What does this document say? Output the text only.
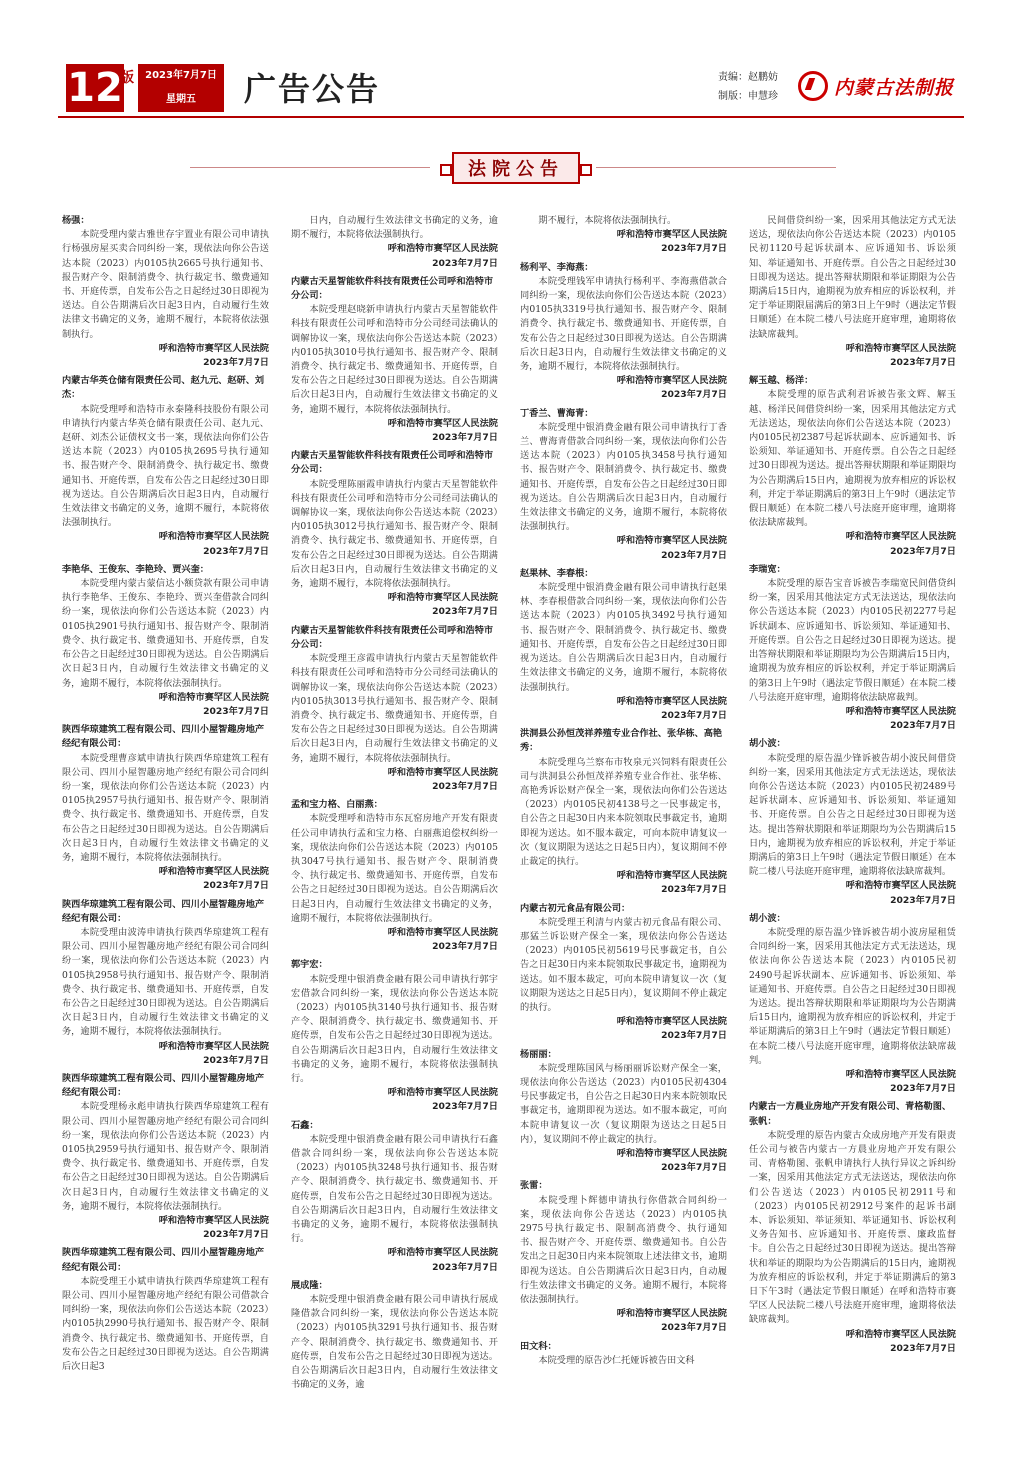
12
版	2023年7月7日
星期五	广告公告	责编：赵鹏妨
制版：申慧珍	内蒙古法制报
法院公告

杨强：

本院受理内蒙古雅世存宇置业有限公司申请执行杨强房屋买卖合同纠纷一案，现依法向你公告送达本院（2023）内0105执2665号执行通知书、报告财产令、限制消费令、执行裁定书、缴费通知书、开庭传票，自发布公告之日起经过30日即视为送达。自公告期满后次日起3日内，自动履行生效法律文书确定的义务，逾期不履行，本院将依法强制执行。

呼和浩特市赛罕区人民法院

2023年7月7日

内蒙古华英仓储有限责任公司、赵九元、赵研、刘杰：

本院受理呼和浩特市永泰隆科技股份有限公司申请执行内蒙古华英仓储有限责任公司、赵九元、赵研、刘杰公证债权文书一案，现依法向你们公告送达本院（2023）内0105执2695号执行通知书、报告财产令、限制消费令、执行裁定书、缴费通知书、开庭传票，自发布公告之日起经过30日即视为送达。自公告期满后次日起3日内，自动履行生效法律文书确定的义务，逾期不履行，本院将依法强制执行。

呼和浩特市赛罕区人民法院

2023年7月7日

李艳华、王俊东、李艳玲、贾兴奎：

本院受理内蒙古蒙信达小额贷款有限公司申请执行李艳华、王俊东、李艳玲、贾兴奎借款合同纠纷一案，现依法向你们公告送达本院（2023）内0105执2901号执行通知书、报告财产令、限制消费令、执行裁定书、缴费通知书、开庭传票，自发布公告之日起经过30日即视为送达。自公告期满后次日起3日内，自动履行生效法律文书确定的义务，逾期不履行，本院将依法强制执行。

呼和浩特市赛罕区人民法院

2023年7月7日

陕西华琼建筑工程有限公司、四川小屋智趣房地产经纪有限公司：

本院受理曹彦斌申请执行陕西华琼建筑工程有限公司、四川小屋智趣房地产经纪有限公司合同纠纷一案，现依法向你们公告送达本院（2023）内0105执2957号执行通知书、报告财产令、限制消费令、执行裁定书、缴费通知书、开庭传票，自发布公告之日起经过30日即视为送达。自公告期满后次日起3日内，自动履行生效法律文书确定的义务，逾期不履行，本院将依法强制执行。

呼和浩特市赛罕区人民法院

2023年7月7日

陕西华琼建筑工程有限公司、四川小屋智趣房地产经纪有限公司：

本院受理由波涛申请执行陕西华琼建筑工程有限公司、四川小屋智趣房地产经纪有限公司合同纠纷一案，现依法向你们公告送达本院（2023）内0105执2958号执行通知书、报告财产令、限制消费令、执行裁定书、缴费通知书、开庭传票，自发布公告之日起经过30日即视为送达。自公告期满后次日起3日内，自动履行生效法律文书确定的义务，逾期不履行，本院将依法强制执行。

呼和浩特市赛罕区人民法院

2023年7月7日

陕西华琼建筑工程有限公司、四川小屋智趣房地产经纪有限公司：

本院受理杨永彪申请执行陕西华琼建筑工程有限公司、四川小屋智趣房地产经纪有限公司合同纠纷一案，现依法向你们公告送达本院（2023）内0105执2959号执行通知书、报告财产令、限制消费令、执行裁定书、缴费通知书、开庭传票，自发布公告之日起经过30日即视为送达。自公告期满后次日起3日内，自动履行生效法律文书确定的义务，逾期不履行，本院将依法强制执行。

呼和浩特市赛罕区人民法院

2023年7月7日

陕西华琼建筑工程有限公司、四川小屋智趣房地产经纪有限公司：

本院受理王小斌申请执行陕西华琼建筑工程有限公司、四川小屋智趣房地产经纪有限公司借款合同纠纷一案，现依法向你们公告送达本院（2023）内0105执2990号执行通知书、报告财产令、限制消费令、执行裁定书、缴费通知书、开庭传票，自发布公告之日起经过30日即视为送达。自公告期满后次日起3

日内，自动履行生效法律文书确定的义务，逾期不履行，本院将依法强制执行。

呼和浩特市赛罕区人民法院

2023年7月7日

内蒙古天星智能软件科技有限责任公司呼和浩特市分公司：

本院受理赵晓新申请执行内蒙古天星智能软件科技有限责任公司呼和浩特市分公司经司法确认的调解协议一案，现依法向你公告送达本院（2023）内0105执3010号执行通知书、报告财产令、限制消费令、执行裁定书、缴费通知书、开庭传票，自发布公告之日起经过30日即视为送达。自公告期满后次日起3日内，自动履行生效法律文书确定的义务，逾期不履行，本院将依法强制执行。

呼和浩特市赛罕区人民法院

2023年7月7日

内蒙古天星智能软件科技有限责任公司呼和浩特市分公司：

本院受理陈丽霞申请执行内蒙古天星智能软件科技有限责任公司呼和浩特市分公司经司法确认的调解协议一案，现依法向你公告送达本院（2023）内0105执3012号执行通知书、报告财产令、限制消费令、执行裁定书、缴费通知书、开庭传票，自发布公告之日起经过30日即视为送达。自公告期满后次日起3日内，自动履行生效法律文书确定的义务，逾期不履行，本院将依法强制执行。

呼和浩特市赛罕区人民法院

2023年7月7日

内蒙古天星智能软件科技有限责任公司呼和浩特市分公司：

本院受理王彦霞申请执行内蒙古天星智能软件科技有限责任公司呼和浩特市分公司经司法确认的调解协议一案，现依法向你公告送达本院（2023）内0105执3013号执行通知书、报告财产令、限制消费令、执行裁定书、缴费通知书、开庭传票，自发布公告之日起经过30日即视为送达。自公告期满后次日起3日内，自动履行生效法律文书确定的义务，逾期不履行，本院将依法强制执行。

呼和浩特市赛罕区人民法院

2023年7月7日

孟和宝力格、白丽燕：

本院受理呼和浩特市东瓦窑房地产开发有限责任公司申请执行孟和宝力格、白丽燕追偿权纠纷一案，现依法向你们公告送达本院（2023）内0105执3047号执行通知书、报告财产令、限制消费令、执行裁定书、缴费通知书、开庭传票，自发布公告之日起经过30日即视为送达。自公告期满后次日起3日内，自动履行生效法律文书确定的义务，逾期不履行，本院将依法强制执行。

呼和浩特市赛罕区人民法院

2023年7月7日

郭宇宏：

本院受理中银消费金融有限公司申请执行郭宇宏借款合同纠纷一案，现依法向你公告送达本院（2023）内0105执3140号执行通知书、报告财产令、限制消费令、执行裁定书、缴费通知书、开庭传票，自发布公告之日起经过30日即视为送达。自公告期满后次日起3日内，自动履行生效法律文书确定的义务，逾期不履行，本院将依法强制执行。

呼和浩特市赛罕区人民法院

2023年7月7日

石鑫：

本院受理中银消费金融有限公司申请执行石鑫借款合同纠纷一案，现依法向你公告送达本院（2023）内0105执3248号执行通知书、报告财产令、限制消费令、执行裁定书、缴费通知书、开庭传票，自发布公告之日起经过30日即视为送达。自公告期满后次日起3日内，自动履行生效法律文书确定的义务，逾期不履行，本院将依法强制执行。

呼和浩特市赛罕区人民法院

2023年7月7日

展成隆：

本院受理中银消费金融有限公司申请执行展成隆借款合同纠纷一案，现依法向你公告送达本院（2023）内0105执3291号执行通知书、报告财产令、限制消费令、执行裁定书、缴费通知书、开庭传票，自发布公告之日起经过30日即视为送达。自公告期满后次日起3日内，自动履行生效法律文书确定的义务，逾

期不履行，本院将依法强制执行。

呼和浩特市赛罕区人民法院

2023年7月7日

杨利平、李海燕：

本院受理钱军申请执行杨利平、李海燕借款合同纠纷一案，现依法向你们公告送达本院（2023）内0105执3319号执行通知书、报告财产令、限制消费令、执行裁定书、缴费通知书、开庭传票，自发布公告之日起经过30日即视为送达。自公告期满后次日起3日内，自动履行生效法律文书确定的义务，逾期不履行，本院将依法强制执行。

呼和浩特市赛罕区人民法院

2023年7月7日

丁香兰、曹海青：

本院受理中银消费金融有限公司申请执行丁香兰、曹海青借款合同纠纷一案，现依法向你们公告送达本院（2023）内0105执3458号执行通知书、报告财产令、限制消费令、执行裁定书、缴费通知书、开庭传票，自发布公告之日起经过30日即视为送达。自公告期满后次日起3日内，自动履行生效法律文书确定的义务，逾期不履行，本院将依法强制执行。

呼和浩特市赛罕区人民法院

2023年7月7日

赵果林、李春根：

本院受理中银消费金融有限公司申请执行赵果林、李春根借款合同纠纷一案，现依法向你们公告送达本院（2023）内0105执3492号执行通知书、报告财产令、限制消费令、执行裁定书、缴费通知书、开庭传票，自发布公告之日起经过30日即视为送达。自公告期满后次日起3日内，自动履行生效法律文书确定的义务，逾期不履行，本院将依法强制执行。

呼和浩特市赛罕区人民法院

2023年7月7日

洪洞县公孙恒茂祥养殖专业合作社、张华栋、高艳秀：

本院受理乌兰察布市牧泉元兴饲料有限责任公司与洪洞县公孙恒茂祥养殖专业合作社、张华栋、高艳秀诉讼财产保全一案，现依法向你们公告送达（2023）内0105民初4138号之一民事裁定书，自公告之日起30日内来本院领取民事裁定书，逾期即视为送达。如不服本裁定，可向本院申请复议一次（复议期限为送达之日起5日内），复议期间不停止裁定的执行。

呼和浩特市赛罕区人民法院

2023年7月7日

内蒙古初元食品有限公司：

本院受理王利清与内蒙古初元食品有限公司、那猛兰诉讼财产保全一案，现依法向你公告送达（2023）内0105民初5619号民事裁定书，自公告之日起30日内来本院领取民事裁定书，逾期视为送达。如不服本裁定，可向本院申请复议一次（复议期限为送达之日起5日内），复议期间不停止裁定的执行。

呼和浩特市赛罕区人民法院

2023年7月7日

杨丽丽：

本院受理陈国风与杨丽丽诉讼财产保全一案，现依法向你公告送达（2023）内0105民初4304号民事裁定书，自公告之日起30日内来本院领取民事裁定书，逾期即视为送达。如不服本裁定，可向本院申请复议一次（复议期限为送达之日起5日内），复议期间不停止裁定的执行。

呼和浩特市赛罕区人民法院

2023年7月7日

张雷：

本院受理卜辉德申请执行你借款合同纠纷一案，现依法向你公告送达（2023）内0105执2975号执行裁定书、限制高消费令、执行通知书、报告财产令、开庭传票、缴费通知书。自公告发出之日起30日内来本院领取上述法律文书，逾期即视为送达。自公告期满后次日起3日内，自动履行生效法律文书确定的义务。逾期不履行，本院将依法强制执行。

呼和浩特市赛罕区人民法院

2023年7月7日

田文科：

本院受理的原告沙仁托娅诉被告田文科

民间借贷纠纷一案，因采用其他法定方式无法送达，现依法向你公告送达本院（2023）内0105民初1120号起诉状副本、应诉通知书、诉讼须知、举证通知书、开庭传票。自公告之日起经过30日即视为送达。提出答辩状期限和举证期限为公告期满后15日内，逾期视为放弃相应的诉讼权利，并定于举证期限届满后的第3日上午9时（遇法定节假日顺延）在本院二楼八号法庭开庭审理，逾期将依法缺席裁判。

呼和浩特市赛罕区人民法院

2023年7月7日

解玉越、杨洋：

本院受理的原告武利君诉被告张文辉、解玉越、杨洋民间借贷纠纷一案，因采用其他法定方式无法送达，现依法向你们公告送达本院（2023）内0105民初2387号起诉状副本、应诉通知书、诉讼须知、举证通知书、开庭传票。自公告之日起经过30日即视为送达。提出答辩状期限和举证期限均为公告期满后15日内，逾期视为放弃相应的诉讼权利，并定于举证期满后的第3日上午9时（遇法定节假日顺延）在本院二楼八号法庭开庭审理，逾期将依法缺席裁判。

呼和浩特市赛罕区人民法院

2023年7月7日

李瑞宽：

本院受理的原告宝音诉被告李瑞宽民间借贷纠纷一案，因采用其他法定方式无法送达，现依法向你公告送达本院（2023）内0105民初2277号起诉状副本、应诉通知书、诉讼须知、举证通知书、开庭传票。自公告之日起经过30日即视为送达。提出答辩状期限和举证期限均为公告期满后15日内，逾期视为放弃相应的诉讼权利，并定于举证期满后的第3日上午9时（遇法定节假日顺延）在本院二楼八号法庭开庭审理，逾期将依法缺席裁判。

呼和浩特市赛罕区人民法院

2023年7月7日

胡小波：

本院受理的原告温少锋诉被告胡小波民间借贷纠纷一案，因采用其他法定方式无法送达，现依法向你公告送达本院（2023）内0105民初2489号起诉状副本、应诉通知书、诉讼须知、举证通知书、开庭传票。自公告之日起经过30日即视为送达。提出答辩状期限和举证期限均为公告期满后15日内，逾期视为放弃相应的诉讼权利，并定于举证期满后的第3日上午9时（遇法定节假日顺延）在本院二楼八号法庭开庭审理，逾期将依法缺席裁判。

呼和浩特市赛罕区人民法院

2023年7月7日

胡小波：

本院受理的原告温少锋诉被告胡小波房屋租赁合同纠纷一案，因采用其他法定方式无法送达，现依法向你公告送达本院（2023）内0105民初2490号起诉状副本、应诉通知书、诉讼须知、举证通知书、开庭传票。自公告之日起经过30日即视为送达。提出答辩状期限和举证期限均为公告期满后15日内，逾期视为放弃相应的诉讼权利，并定于举证期满后的第3日上午9时（遇法定节假日顺延）在本院二楼八号法庭开庭审理，逾期将依法缺席裁判。

呼和浩特市赛罕区人民法院

2023年7月7日

内蒙古一方晨业房地产开发有限公司、青格勒图、张帆：

本院受理的原告内蒙古众成房地产开发有限责任公司与被告内蒙古一方晨业房地产开发有限公司、青格勒图、张帆申请执行人执行异议之诉纠纷一案，因采用其他法定方式无法送达，现依法向你们公告送达（2023）内0105民初2911号和（2023）内0105民初2912号案件的起诉书副本、诉讼须知、举证须知、举证通知书、诉讼权利义务告知书、应诉通知书、开庭传票、廉政监督卡。自公告之日起经过30日即视为送达。提出答辩状和举证的期限均为公告期满后的15日内，逾期视为放弃相应的诉讼权利，并定于举证期满后的第3日下午3时（遇法定节假日顺延）在呼和浩特市赛罕区人民法院二楼八号法庭开庭审理，逾期将依法缺席裁判。

呼和浩特市赛罕区人民法院

2023年7月7日
